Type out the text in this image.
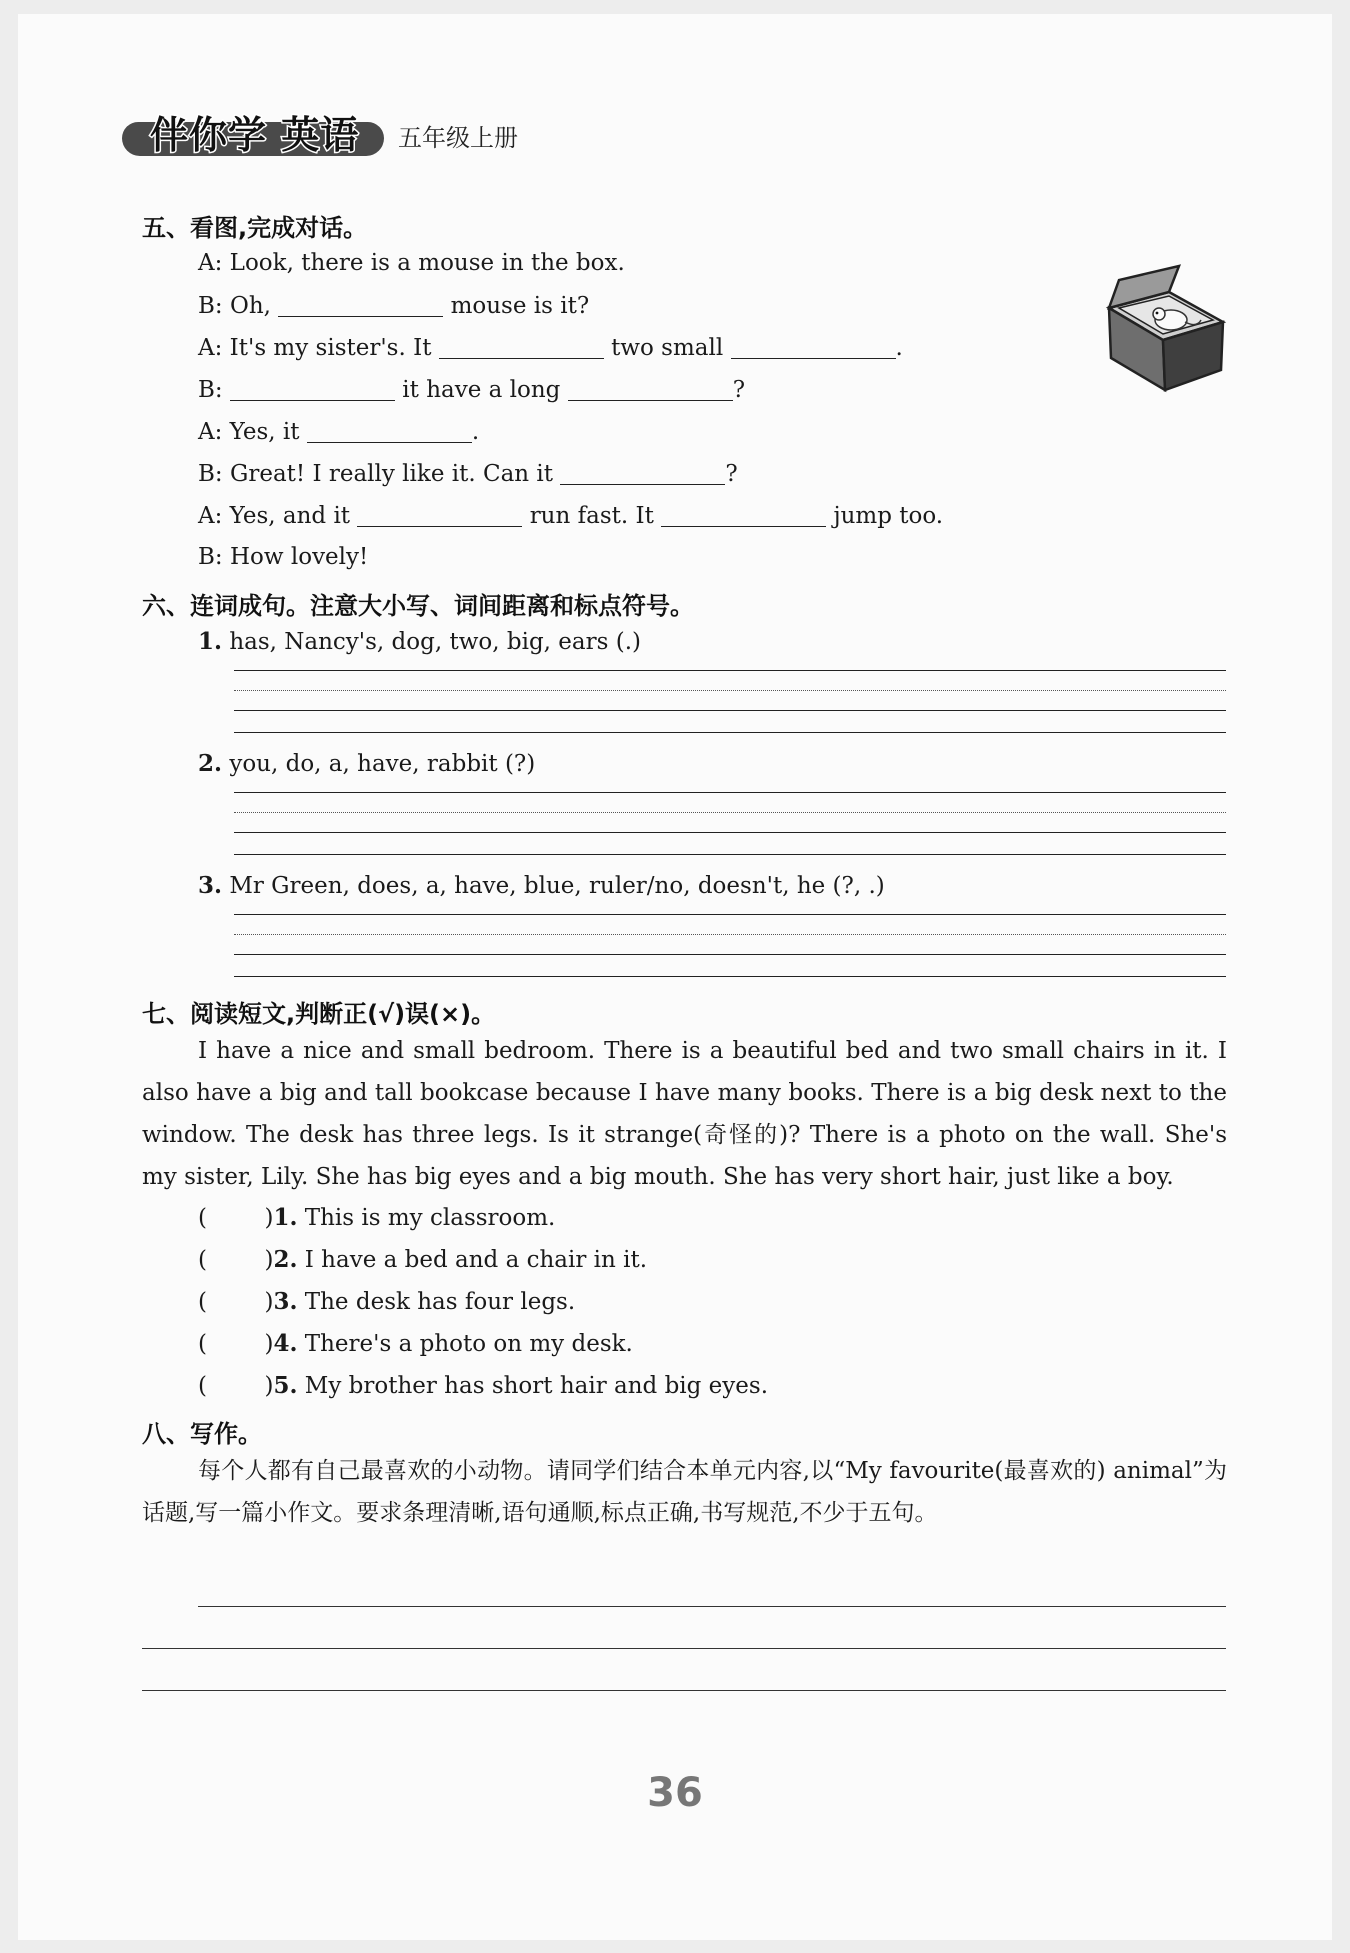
伴你学 英语 五年级上册
五、看图,完成对话。
A: Look, there is a mouse in the box.
B: Oh,	mouse is it?
A: It's my sister's. It	two small	.
B:	it have a long	?
A: Yes, it	.
B: Great! I really like it. Can it	?
A: Yes, and it	run fast. It	jump too.
B: How lovely!
六、连词成句。注意大小写、词间距离和标点符号。
1. has, Nancy's, dog, two, big, ears (.)
2. you, do, a, have, rabbit (?)
3. Mr Green, does, a, have, blue, ruler/no, doesn't, he (?, .)
七、阅读短文,判断正(√)误(×)。
I have a nice and small bedroom. There is a beautiful bed and two small chairs in it. I also have a big and tall bookcase because I have many books. There is a big desk next to the window. The desk has three legs. Is it strange(奇怪的)? There is a photo on the wall. She's my sister, Lily. She has big eyes and a big mouth. She has very short hair, just like a boy.
(   )1. This is my classroom.
(   )2. I have a bed and a chair in it.
(   )3. The desk has four legs.
(   )4. There's a photo on my desk.
(   )5. My brother has short hair and big eyes.
八、写作。
每个人都有自己最喜欢的小动物。请同学们结合本单元内容,以“My favourite(最喜欢的) animal”为话题,写一篇小作文。要求条理清晰,语句通顺,标点正确,书写规范,不少于五句。
36
